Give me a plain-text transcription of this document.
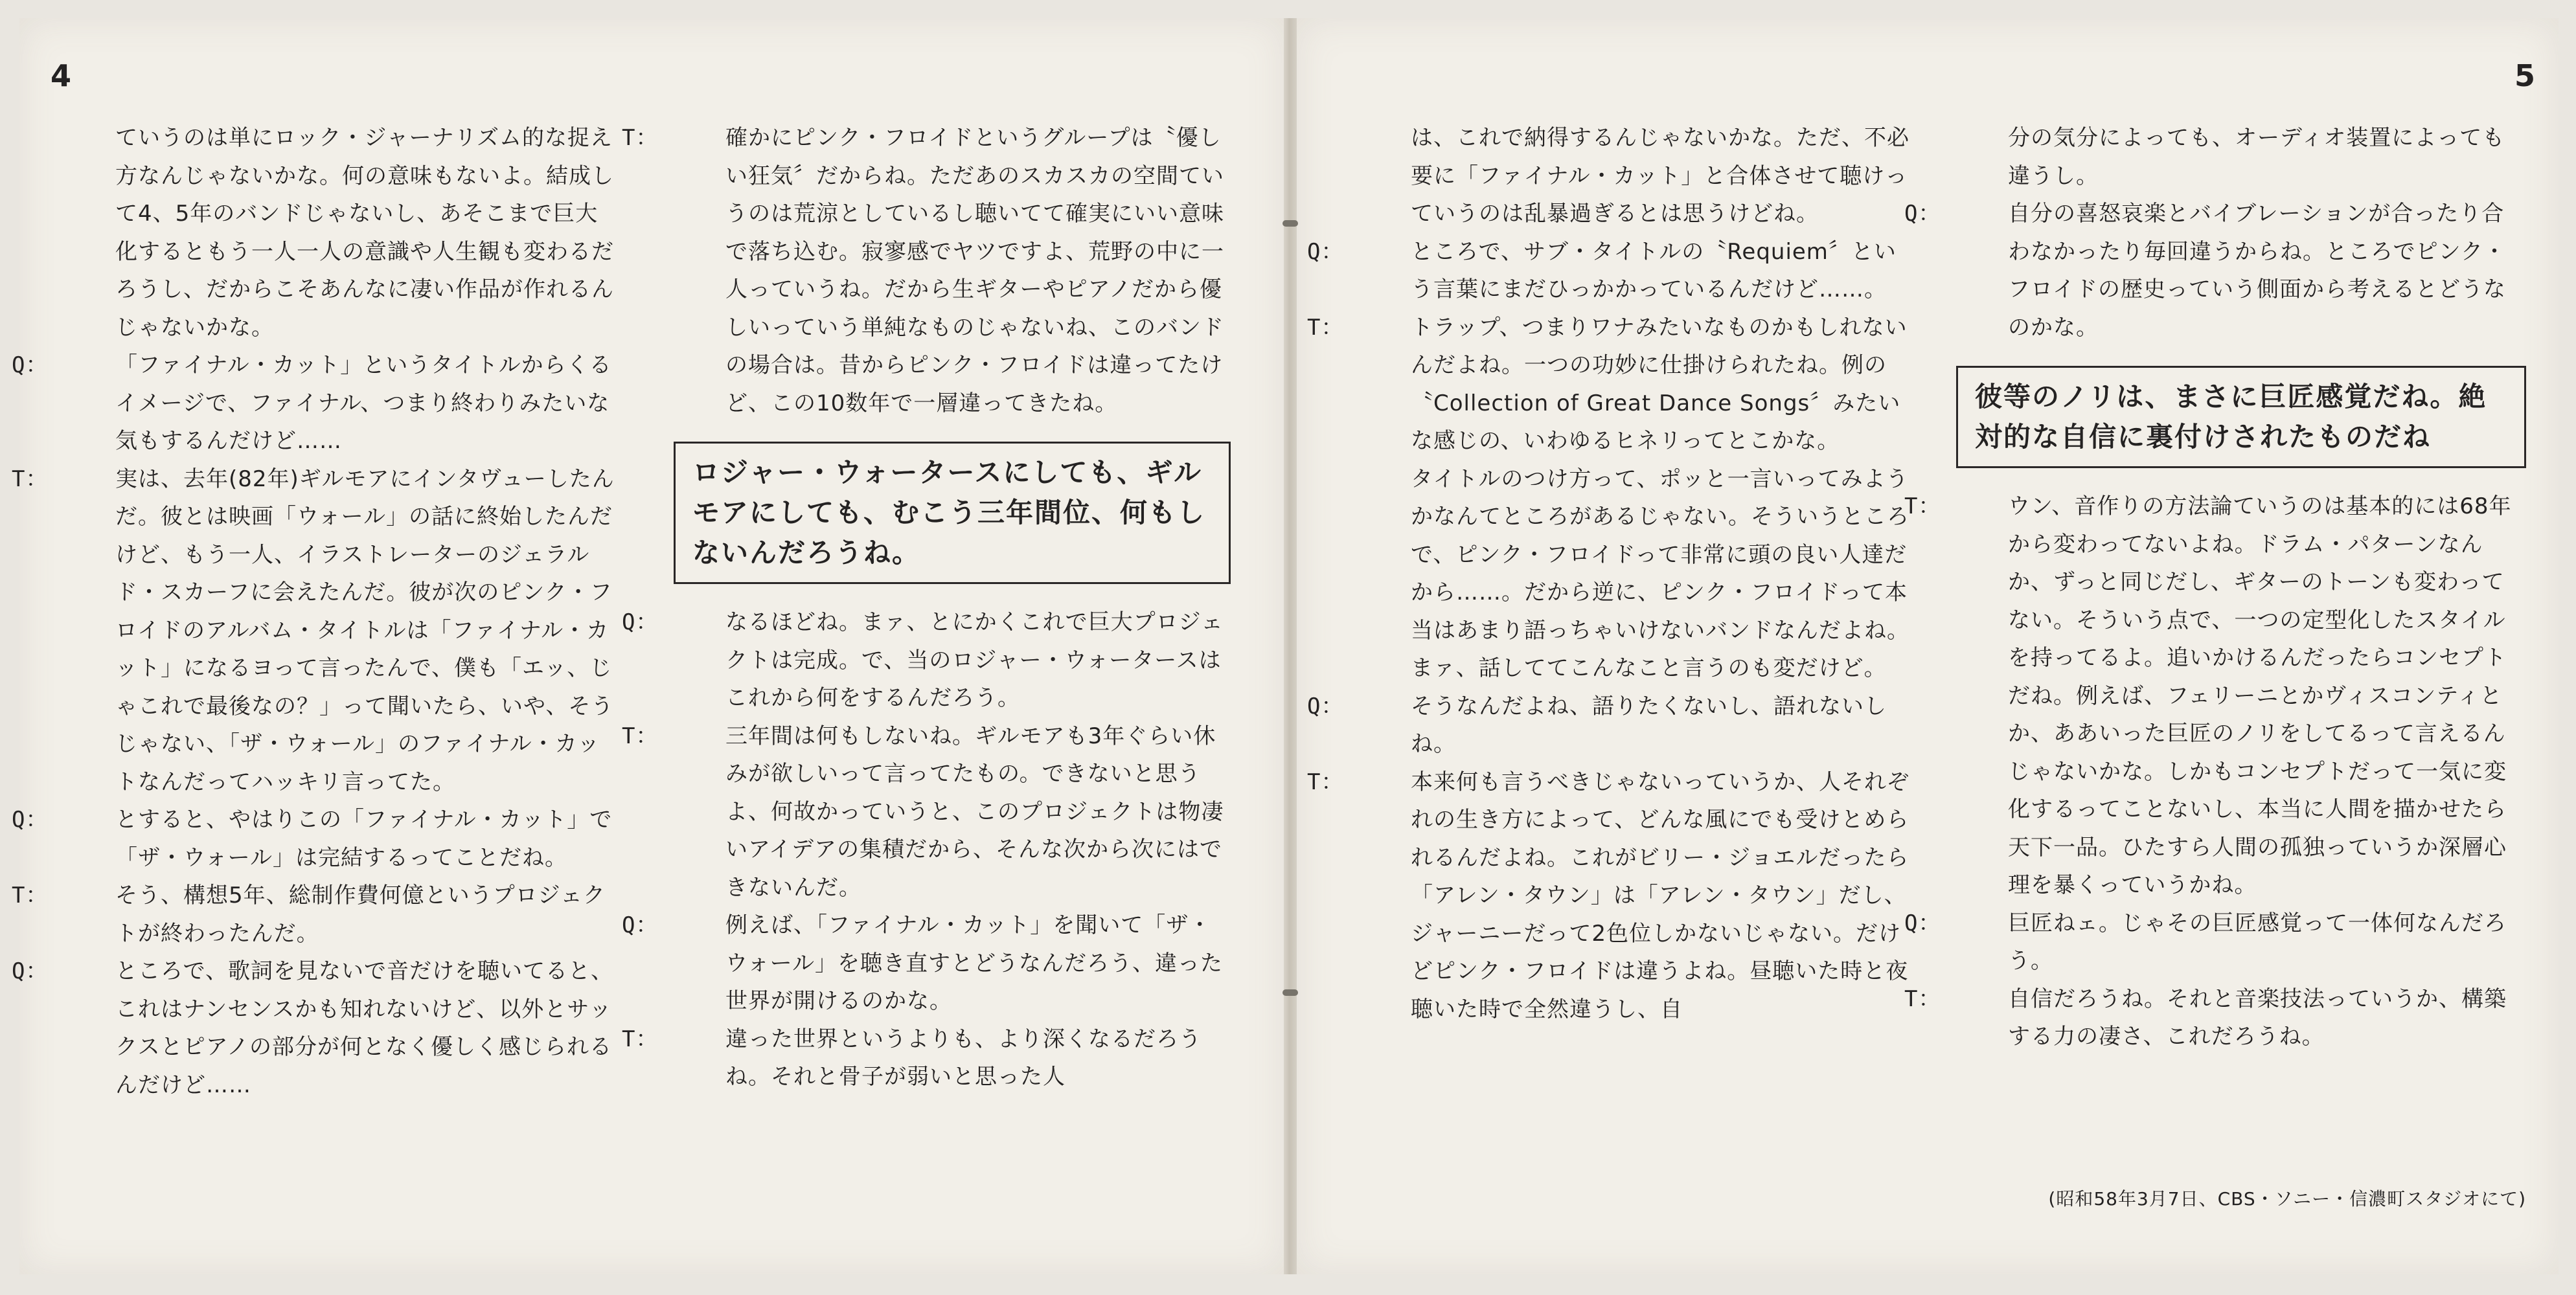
4	5

ていうのは単にロック・ジャーナリズム的な捉え方なんじゃないかな。何の意味もないよ。結成して4、5年のバンドじゃないし、あそこまで巨大化するともう一人一人の意識や人生観も変わるだろうし、だからこそあんなに凄い作品が作れるんじゃないかな。

Q：	「ファイナル・カット」というタイトルからくるイメージで、ファイナル、つまり終わりみたいな気もするんだけど……

T：	実は、去年(82年)ギルモアにインタヴューしたんだ。彼とは映画「ウォール」の話に終始したんだけど、もう一人、イラストレーターのジェラルド・スカーフに会えたんだ。彼が次のピンク・フロイドのアルバム・タイトルは「ファイナル・カット」になるヨって言ったんで、僕も「エッ、じゃこれで最後なの？」って聞いたら、いや、そうじゃない、「ザ・ウォール」のファイナル・カットなんだってハッキリ言ってた。

Q：	とすると、やはりこの「ファイナル・カット」で「ザ・ウォール」は完結するってことだね。

T：	そう、構想5年、総制作費何億というプロジェクトが終わったんだ。

Q：	ところで、歌詞を見ないで音だけを聴いてると、これはナンセンスかも知れないけど、以外とサックスとピアノの部分が何となく優しく感じられるんだけど……

T：	確かにピンク・フロイドというグループは〝優しい狂気〞だからね。ただあのスカスカの空間ていうのは荒涼としているし聴いてて確実にいい意味で落ち込む。寂寥感でヤツですよ、荒野の中に一人っていうね。だから生ギターやピアノだから優しいっていう単純なものじゃないね、このバンドの場合は。昔からピンク・フロイドは違ってたけど、この10数年で一層違ってきたね。

ロジャー・ウォータースにしても、ギルモアにしても、むこう三年間位、何もしないんだろうね。

Q：	なるほどね。まァ、とにかくこれで巨大プロジェクトは完成。で、当のロジャー・ウォータースはこれから何をするんだろう。

T：	三年間は何もしないね。ギルモアも3年ぐらい休みが欲しいって言ってたもの。できないと思うよ、何故かっていうと、このプロジェクトは物凄いアイデアの集積だから、そんな次から次にはできないんだ。

Q：	例えば、「ファイナル・カット」を聞いて「ザ・ウォール」を聴き直すとどうなんだろう、違った世界が開けるのかな。

T：	違った世界というよりも、より深くなるだろうね。それと骨子が弱いと思った人

は、これで納得するんじゃないかな。ただ、不必要に「ファイナル・カット」と合体させて聴けっていうのは乱暴過ぎるとは思うけどね。

Q：	ところで、サブ・タイトルの〝Requiem〞という言葉にまだひっかかっているんだけど……。

T：	トラップ、つまりワナみたいなものかもしれないんだよね。一つの功妙に仕掛けられたね。例の〝Collection of Great Dance Songs〞みたいな感じの、いわゆるヒネリってとこかな。

タイトルのつけ方って、ポッと一言いってみようかなんてところがあるじゃない。そういうところで、ピンク・フロイドって非常に頭の良い人達だから……。だから逆に、ピンク・フロイドって本当はあまり語っちゃいけないバンドなんだよね。まァ、話しててこんなこと言うのも変だけど。

Q：	そうなんだよね、語りたくないし、語れないしね。

T：	本来何も言うべきじゃないっていうか、人それぞれの生き方によって、どんな風にでも受けとめられるんだよね。これがビリー・ジョエルだったら「アレン・タウン」は「アレン・タウン」だし、ジャーニーだって2色位しかないじゃない。だけどピンク・フロイドは違うよね。昼聴いた時と夜聴いた時で全然違うし、自

分の気分によっても、オーディオ装置によっても違うし。

Q：	自分の喜怒哀楽とバイブレーションが合ったり合わなかったり毎回違うからね。ところでピンク・フロイドの歴史っていう側面から考えるとどうなのかな。

彼等のノリは、まさに巨匠感覚だね。絶対的な自信に裏付けされたものだね

T：	ウン、音作りの方法論ていうのは基本的には68年から変わってないよね。ドラム・パターンなんか、ずっと同じだし、ギターのトーンも変わってない。そういう点で、一つの定型化したスタイルを持ってるよ。追いかけるんだったらコンセプトだね。例えば、フェリーニとかヴィスコンティとか、ああいった巨匠のノリをしてるって言えるんじゃないかな。しかもコンセプトだって一気に変化するってことないし、本当に人間を描かせたら天下一品。ひたすら人間の孤独っていうか深層心理を暴くっていうかね。

Q：	巨匠ねェ。じゃその巨匠感覚って一体何なんだろう。

T：	自信だろうね。それと音楽技法っていうか、構築する力の凄さ、これだろうね。

(昭和58年3月7日、CBS・ソニー・信濃町スタジオにて)
